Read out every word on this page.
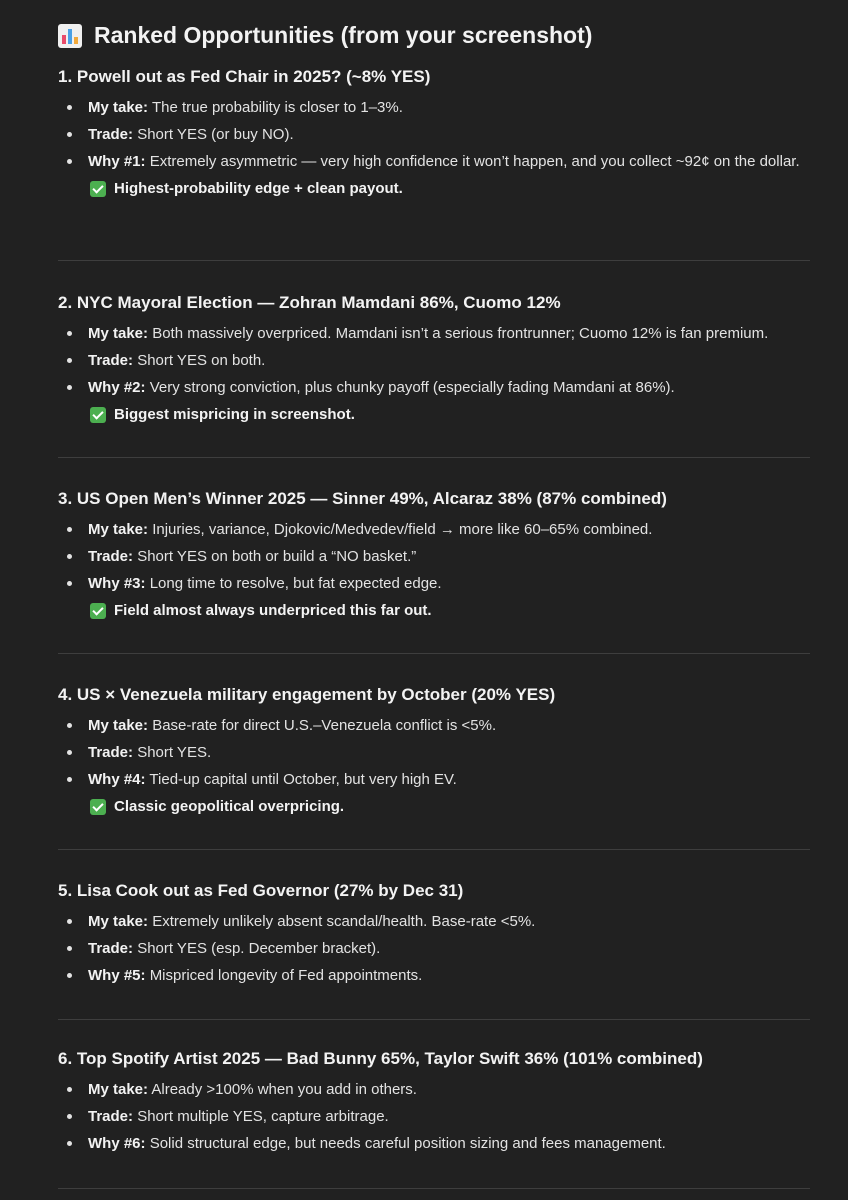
Ranked Opportunities (from your screenshot)
1. Powell out as Fed Chair in 2025? (~8% YES)
My take: The true probability is closer to 1–3%.
Trade: Short YES (or buy NO).
Why #1: Extremely asymmetric — very high confidence it won’t happen, and you collect ~92¢ on the dollar.
Highest-probability edge + clean payout.
2. NYC Mayoral Election — Zohran Mamdani 86%, Cuomo 12%
My take: Both massively overpriced. Mamdani isn’t a serious frontrunner; Cuomo 12% is fan premium.
Trade: Short YES on both.
Why #2: Very strong conviction, plus chunky payoff (especially fading Mamdani at 86%).
Biggest mispricing in screenshot.
3. US Open Men’s Winner 2025 — Sinner 49%, Alcaraz 38% (87% combined)
My take: Injuries, variance, Djokovic/Medvedev/field → more like 60–65% combined.
Trade: Short YES on both or build a “NO basket.”
Why #3: Long time to resolve, but fat expected edge.
Field almost always underpriced this far out.
4. US × Venezuela military engagement by October (20% YES)
My take: Base-rate for direct U.S.–Venezuela conflict is <5%.
Trade: Short YES.
Why #4: Tied-up capital until October, but very high EV.
Classic geopolitical overpricing.
5. Lisa Cook out as Fed Governor (27% by Dec 31)
My take: Extremely unlikely absent scandal/health. Base-rate <5%.
Trade: Short YES (esp. December bracket).
Why #5: Mispriced longevity of Fed appointments.
6. Top Spotify Artist 2025 — Bad Bunny 65%, Taylor Swift 36% (101% combined)
My take: Already >100% when you add in others.
Trade: Short multiple YES, capture arbitrage.
Why #6: Solid structural edge, but needs careful position sizing and fees management.
